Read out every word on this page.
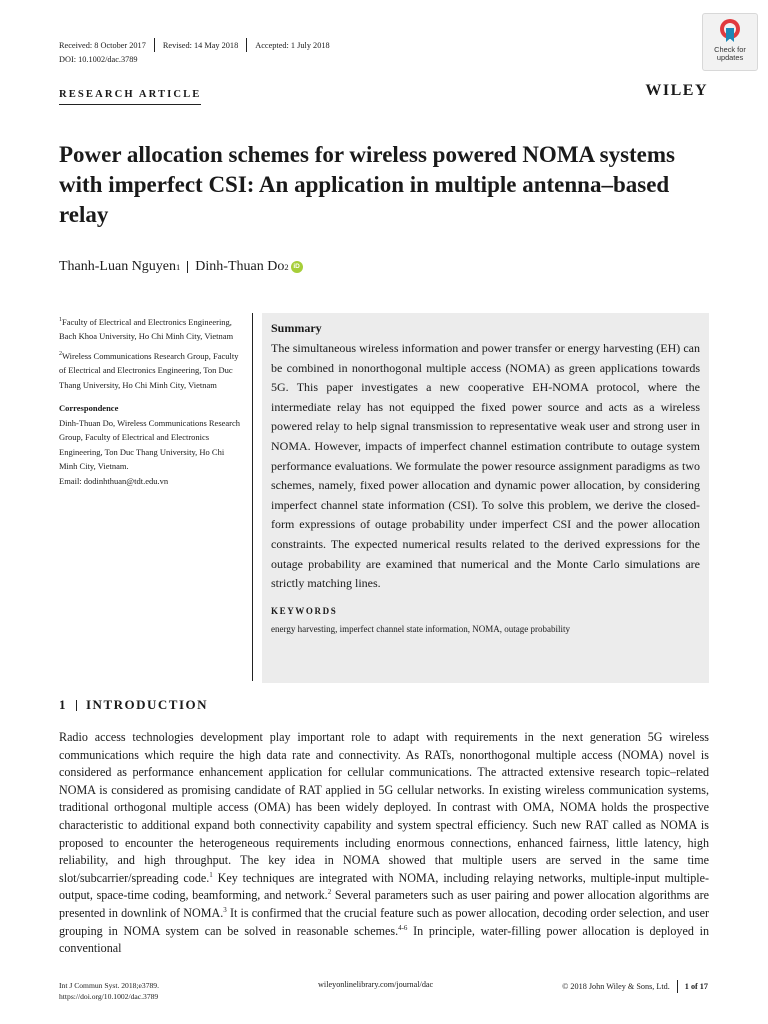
Received: 8 October 2017 Revised: 14 May 2018 Accepted: 1 July 2018
DOI: 10.1002/dac.3789
Check for
updates
RESEARCH ARTICLE	WILEY
Power allocation schemes for wireless powered NOMA systems with imperfect CSI: An application in multiple antenna–based relay
Thanh-Luan Nguyen 1 Dinh-Thuan Do 2 iD
$^1$Faculty of Electrical and Electronics Engineering, Bach Khoa University, Ho Chi Minh City, Vietnam
$^2$Wireless Communications Research Group, Faculty of Electrical and Electronics Engineering, Ton Duc Thang University, Ho Chi Minh City, Vietnam
Correspondence
Dinh-Thuan Do, Wireless Communications Research Group, Faculty of Electrical and Electronics Engineering, Ton Duc Thang University, Ho Chi Minh City, Vietnam.
Email: dodinhthuan@tdt.edu.vn
Summary
The simultaneous wireless information and power transfer or energy harvesting (EH) can be combined in nonorthogonal multiple access (NOMA) as green applications towards 5G. This paper investigates a new cooperative EH-NOMA protocol, where the intermediate relay has not equipped the fixed power source and acts as a wireless powered relay to help signal transmission to representative weak user and strong user in NOMA. However, impacts of imperfect channel estimation contribute to outage system performance evaluations. We formulate the power resource assignment paradigms as two schemes, namely, fixed power allocation and dynamic power allocation, by considering imperfect channel state information (CSI). To solve this problem, we derive the closed-form expressions of outage probability under imperfect CSI and the power allocation constraints. The expected numerical results related to the derived expressions for the outage probability are examined that numerical and the Monte Carlo simulations are strictly matching lines.
KEYWORDS
energy harvesting, imperfect channel state information, NOMA, outage probability
1 INTRODUCTION

Radio access technologies development play important role to adapt with requirements in the next generation 5G wireless communications which require the high data rate and connectivity. As RATs, nonorthogonal multiple access (NOMA) novel is considered as performance enhancement application for cellular communications. The attracted extensive research topic–related NOMA is considered as promising candidate of RAT applied in 5G cellular networks. In existing wireless communication systems, traditional orthogonal multiple access (OMA) has been widely deployed. In contrast with OMA, NOMA holds the prospective characteristic to additional expand both connectivity capability and system spectral efficiency. Such new RAT called as NOMA is proposed to encounter the heterogeneous requirements including enormous connections, enhanced fairness, little latency, high reliability, and high throughput. The key idea in NOMA showed that multiple users are served in the same time slot/subcarrier/spreading code.$^1$ Key techniques are integrated with NOMA, including relaying networks, multiple-input multiple-output, space-time coding, beamforming, and network.$^2$ Several parameters such as user pairing and power allocation algorithms are presented in downlink of NOMA.$^3$ It is confirmed that the crucial feature such as power allocation, decoding order selection, and user grouping in NOMA system can be solved in reasonable schemes.$^{4-6}$ In principle, water-filling power allocation is deployed in conventional

Int J Commun Syst. 2018;e3789.
https://doi.org/10.1002/dac.3789
wileyonlinelibrary.com/journal/dac	© 2018 John Wiley & Sons, Ltd. 1 of 17
